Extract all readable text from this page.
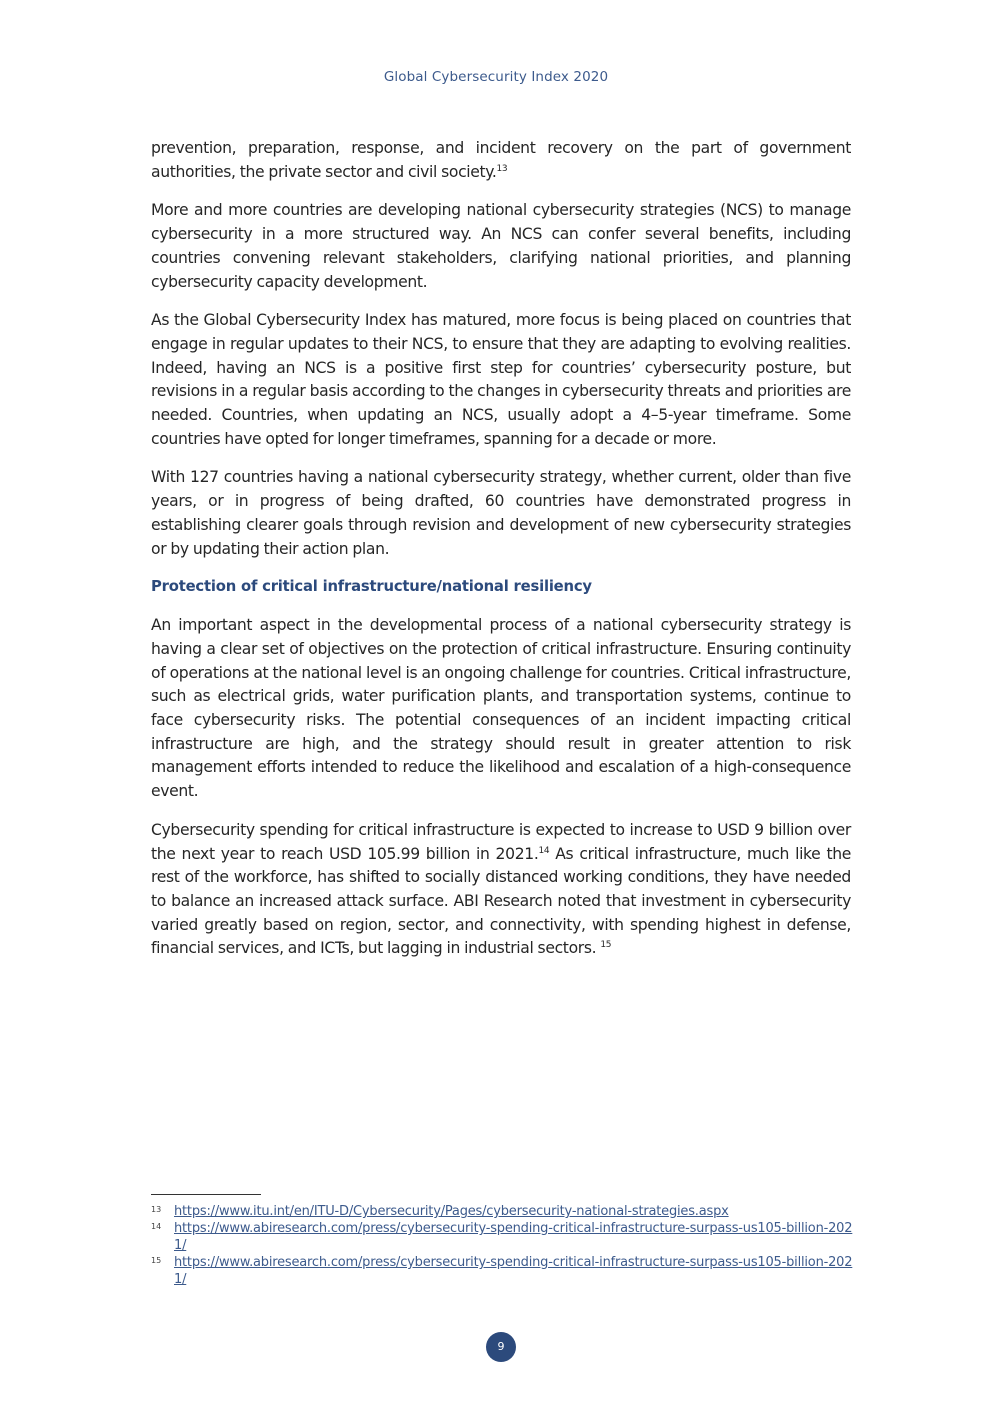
Global Cybersecurity Index 2020

prevention, preparation, response, and incident recovery on the part of government authorities, the private sector and civil society.$^{13}$

More and more countries are developing national cybersecurity strategies (NCS) to manage cybersecurity in a more structured way. An NCS can confer several benefits, including countries convening relevant stakeholders, clarifying national priorities, and planning cybersecurity capacity development.

As the Global Cybersecurity Index has matured, more focus is being placed on countries that engage in regular updates to their NCS, to ensure that they are adapting to evolving realities. Indeed, having an NCS is a positive first step for countries’ cybersecurity posture, but revisions in a regular basis according to the changes in cybersecurity threats and priorities are needed. Countries, when updating an NCS, usually adopt a 4–5-year timeframe. Some countries have opted for longer timeframes, spanning for a decade or more.

With 127 countries having a national cybersecurity strategy, whether current, older than five years, or in progress of being drafted, 60 countries have demonstrated progress in establishing clearer goals through revision and development of new cybersecurity strategies or by updating their action plan.

Protection of critical infrastructure/national resiliency

An important aspect in the developmental process of a national cybersecurity strategy is having a clear set of objectives on the protection of critical infrastructure. Ensuring continuity of operations at the national level is an ongoing challenge for countries. Critical infrastructure, such as electrical grids, water purification plants, and transportation systems, continue to face cybersecurity risks. The potential consequences of an incident impacting critical infrastructure are high, and the strategy should result in greater attention to risk management efforts intended to reduce the likelihood and escalation of a high-consequence event.

Cybersecurity spending for critical infrastructure is expected to increase to USD 9 billion over the next year to reach USD 105.99 billion in 2021.14 As critical infrastructure, much like the rest of the workforce, has shifted to socially distanced working conditions, they have needed to balance an increased attack surface. ABI Research noted that investment in cybersecurity varied greatly based on region, sector, and connectivity, with spending highest in defense, financial services, and ICTs, but lagging in industrial sectors. $^{15}$

13 https://www.itu.int/en/ITU-D/Cybersecurity/Pages/cybersecurity-national-strategies.aspx
14 https://www.abiresearch.com/press/cybersecurity-spending-critical-infrastructure-surpass-us105-billion-2021/
15 https://www.abiresearch.com/press/cybersecurity-spending-critical-infrastructure-surpass-us105-billion-2021/
9
